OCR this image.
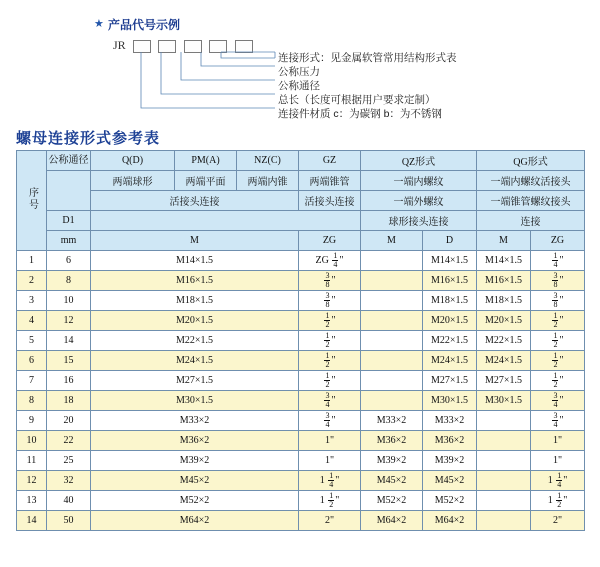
★ 产品代号示例
JR

连接件材质 c：为碳钢 b：为不锈钢
总长（长度可根据用户要求定制）
公称通径
公称压力
连接形式：见金属软管常用结构形式表
螺母连接形式参考表
序号	公称通径	Q(D)	PM(A)	NZ(C)	GZ	QZ形式		QG形式	
		两端球形	两端平面	两端内锥	两端锥管	一端内螺纹		一端内螺纹活接头	
		活接头连接			活接头连接	一端外螺纹		一端锥管螺纹接头	
	D1					球形接头连接		连接	
	mm	M			ZG	M	D	M	ZG
1	6	M14×1.5			ZG $\frac{1}{4}$ "		M14×1.5	M14×1.5	$\frac{1}{4}$ "
2	8	M16×1.5			$\frac{3}{8}$ "		M16×1.5	M16×1.5	$\frac{3}{8}$ "
3	10	M18×1.5			$\frac{3}{8}$ "		M18×1.5	M18×1.5	$\frac{3}{8}$ "
4	12	M20×1.5			$\frac{1}{2}$ "		M20×1.5	M20×1.5	$\frac{1}{2}$ "
5	14	M22×1.5			$\frac{1}{2}$ "		M22×1.5	M22×1.5	$\frac{1}{2}$ "
6	15	M24×1.5			$\frac{1}{2}$ "		M24×1.5	M24×1.5	$\frac{1}{2}$ "
7	16	M27×1.5			$\frac{1}{2}$ "		M27×1.5	M27×1.5	$\frac{1}{2}$ "
8	18	M30×1.5			$\frac{3}{4}$ "		M30×1.5	M30×1.5	$\frac{3}{4}$ "
9	20	M33×2			$\frac{3}{4}$ "	M33×2	M33×2		$\frac{3}{4}$ "
10	22	M36×2			1"	M36×2	M36×2		1"
11	25	M39×2			1"	M39×2	M39×2		1"
12	32	M45×2			$1 \frac{1}{4}$ "	M45×2	M45×2		$1 \frac{1}{4}$ "
13	40	M52×2			$1 \frac{1}{2}$ "	M52×2	M52×2		$1 \frac{1}{2}$ "
14	50	M64×2			2"	M64×2	M64×2		2"
